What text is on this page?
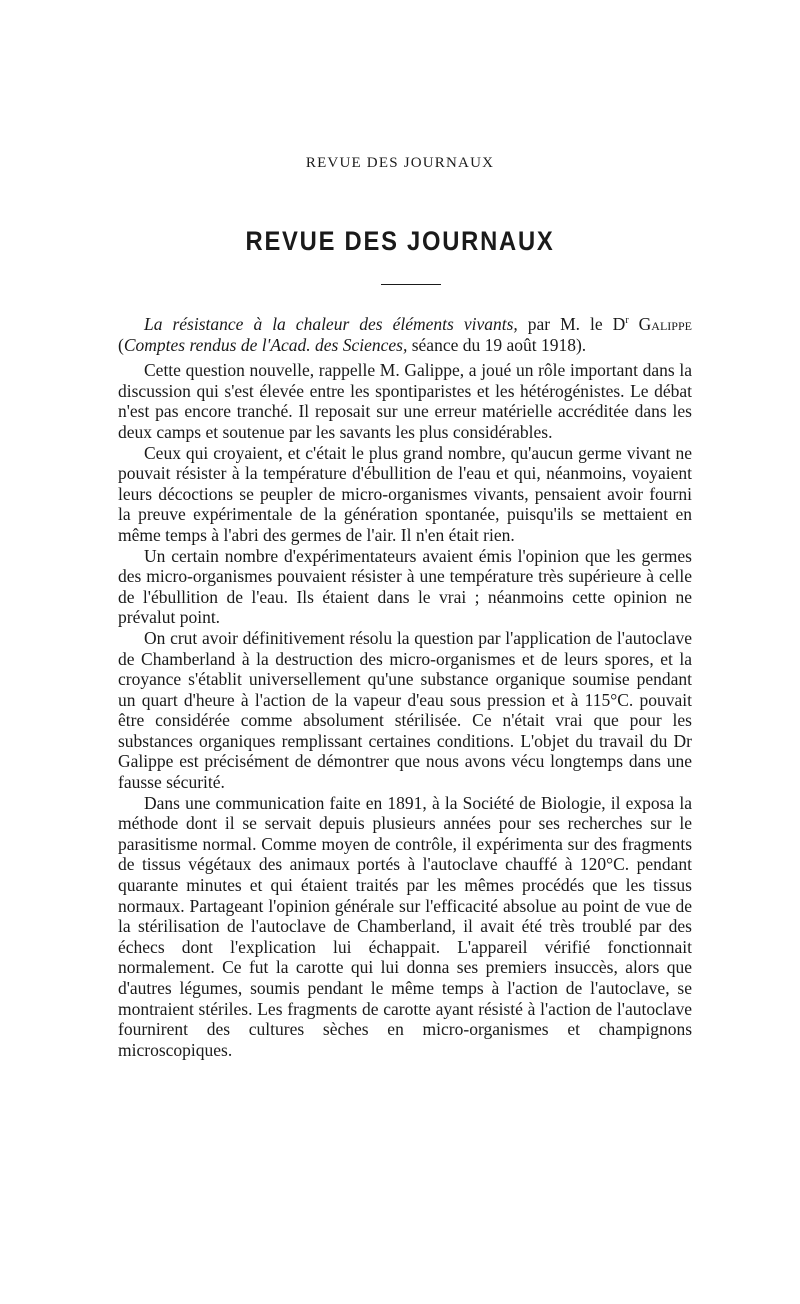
REVUE DES JOURNAUX
REVUE DES JOURNAUX

La résistance à la chaleur des éléments vivants, par M. le $D^r$ Galippe (Comptes rendus de l'Acad. des Sciences, séance du 19 août 1918).

Cette question nouvelle, rappelle M. Galippe, a joué un rôle important dans la discussion qui s'est élevée entre les spontiparistes et les hétérogénistes. Le débat n'est pas encore tranché. Il reposait sur une erreur matérielle accréditée dans les deux camps et soutenue par les savants les plus considérables.

Ceux qui croyaient, et c'était le plus grand nombre, qu'aucun germe vivant ne pouvait résister à la température d'ébullition de l'eau et qui, néanmoins, voyaient leurs décoctions se peupler de micro-organismes vivants, pensaient avoir fourni la preuve expérimentale de la génération spontanée, puisqu'ils se mettaient en même temps à l'abri des germes de l'air. Il n'en était rien.

Un certain nombre d'expérimentateurs avaient émis l'opinion que les germes des micro-organismes pouvaient résister à une température très supérieure à celle de l'ébullition de l'eau. Ils étaient dans le vrai ; néanmoins cette opinion ne prévalut point.

On crut avoir définitivement résolu la question par l'application de l'autoclave de Chamberland à la destruction des micro-organismes et de leurs spores, et la croyance s'établit universellement qu'une substance organique soumise pendant un quart d'heure à l'action de la vapeur d'eau sous pression et à 115°C. pouvait être considérée comme absolument stérilisée. Ce n'était vrai que pour les substances organiques remplissant certaines conditions. L'objet du travail du Dr Galippe est précisément de démontrer que nous avons vécu longtemps dans une fausse sécurité.

Dans une communication faite en 1891, à la Société de Biologie, il exposa la méthode dont il se servait depuis plusieurs années pour ses recherches sur le parasitisme normal. Comme moyen de contrôle, il expérimenta sur des fragments de tissus végétaux des animaux portés à l'autoclave chauffé à 120°C. pendant quarante minutes et qui étaient traités par les mêmes procédés que les tissus normaux. Partageant l'opinion générale sur l'efficacité absolue au point de vue de la stérilisation de l'autoclave de Chamberland, il avait été très troublé par des échecs dont l'explication lui échappait. L'appareil vérifié fonctionnait normalement. Ce fut la carotte qui lui donna ses premiers insuccès, alors que d'autres légumes, soumis pendant le même temps à l'action de l'autoclave, se montraient stériles. Les fragments de carotte ayant résisté à l'action de l'autoclave fournirent des cultures sèches en micro-organismes et champignons microscopiques.
